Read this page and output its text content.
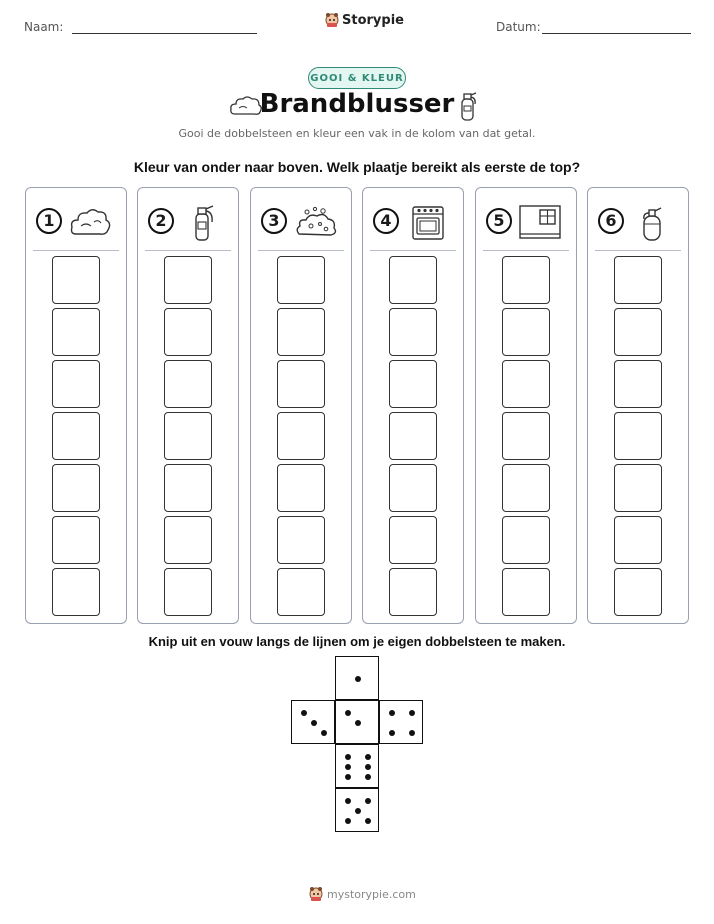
Naam:	Storypie	Datum:
GOOI & KLEUR
Brandblusser
Gooi de dobbelsteen en kleur een vak in de kolom van dat getal.
Kleur van onder naar boven. Welk plaatje bereikt als eerste de top?
1	2	3	4	5	6
Knip uit en vouw langs de lijnen om je eigen dobbelsteen te maken.
mystorypie.com
